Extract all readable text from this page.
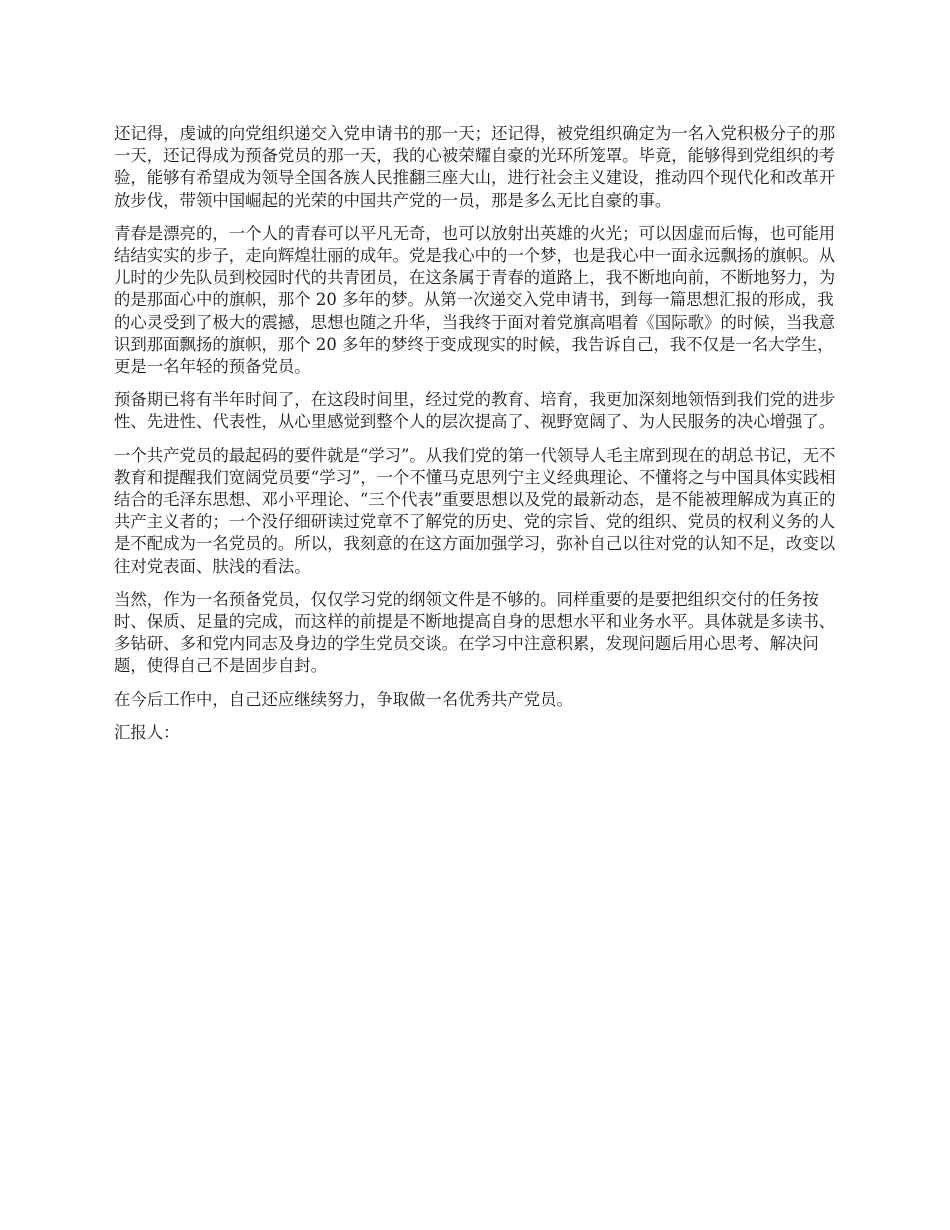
还记得，虔诚的向党组织递交入党申请书的那一天；还记得，被党组织确定为一名入党积极分子的那一天，还记得成为预备党员的那一天，我的心被荣耀自豪的光环所笼罩。毕竟，能够得到党组织的考验，能够有希望成为领导全国各族人民推翻三座大山，进行社会主义建设，推动四个现代化和改革开放步伐，带领中国崛起的光荣的中国共产党的一员，那是多么无比自豪的事。

青春是漂亮的，一个人的青春可以平凡无奇，也可以放射出英雄的火光；可以因虚而后悔，也可能用结结实实的步子，走向辉煌壮丽的成年。党是我心中的一个梦，也是我心中一面永远飘扬的旗帜。从儿时的少先队员到校园时代的共青团员，在这条属于青春的道路上，我不断地向前，不断地努力，为的是那面心中的旗帜，那个 20 多年的梦。从第一次递交入党申请书，到每一篇思想汇报的形成，我的心灵受到了极大的震撼，思想也随之升华，当我终于面对着党旗高唱着《国际歌》的时候，当我意识到那面飘扬的旗帜，那个 20 多年的梦终于变成现实的时候，我告诉自己，我不仅是一名大学生，更是一名年轻的预备党员。

预备期已将有半年时间了，在这段时间里，经过党的教育、培育，我更加深刻地领悟到我们党的进步性、先进性、代表性，从心里感觉到整个人的层次提高了、视野宽阔了、为人民服务的决心增强了。

一个共产党员的最起码的要件就是“学习”。从我们党的第一代领导人毛主席到现在的胡总书记，无不教育和提醒我们宽阔党员要“学习”，一个不懂马克思列宁主义经典理论、不懂将之与中国具体实践相结合的毛泽东思想、邓小平理论、“三个代表”重要思想以及党的最新动态，是不能被理解成为真正的共产主义者的；一个没仔细研读过党章不了解党的历史、党的宗旨、党的组织、党员的权利义务的人是不配成为一名党员的。所以，我刻意的在这方面加强学习，弥补自己以往对党的认知不足，改变以往对党表面、肤浅的看法。

当然，作为一名预备党员，仅仅学习党的纲领文件是不够的。同样重要的是要把组织交付的任务按时、保质、足量的完成，而这样的前提是不断地提高自身的思想水平和业务水平。具体就是多读书、多钻研、多和党内同志及身边的学生党员交谈。在学习中注意积累，发现问题后用心思考、解决问题，使得自己不是固步自封。

在今后工作中，自己还应继续努力，争取做一名优秀共产党员。

汇报人：
